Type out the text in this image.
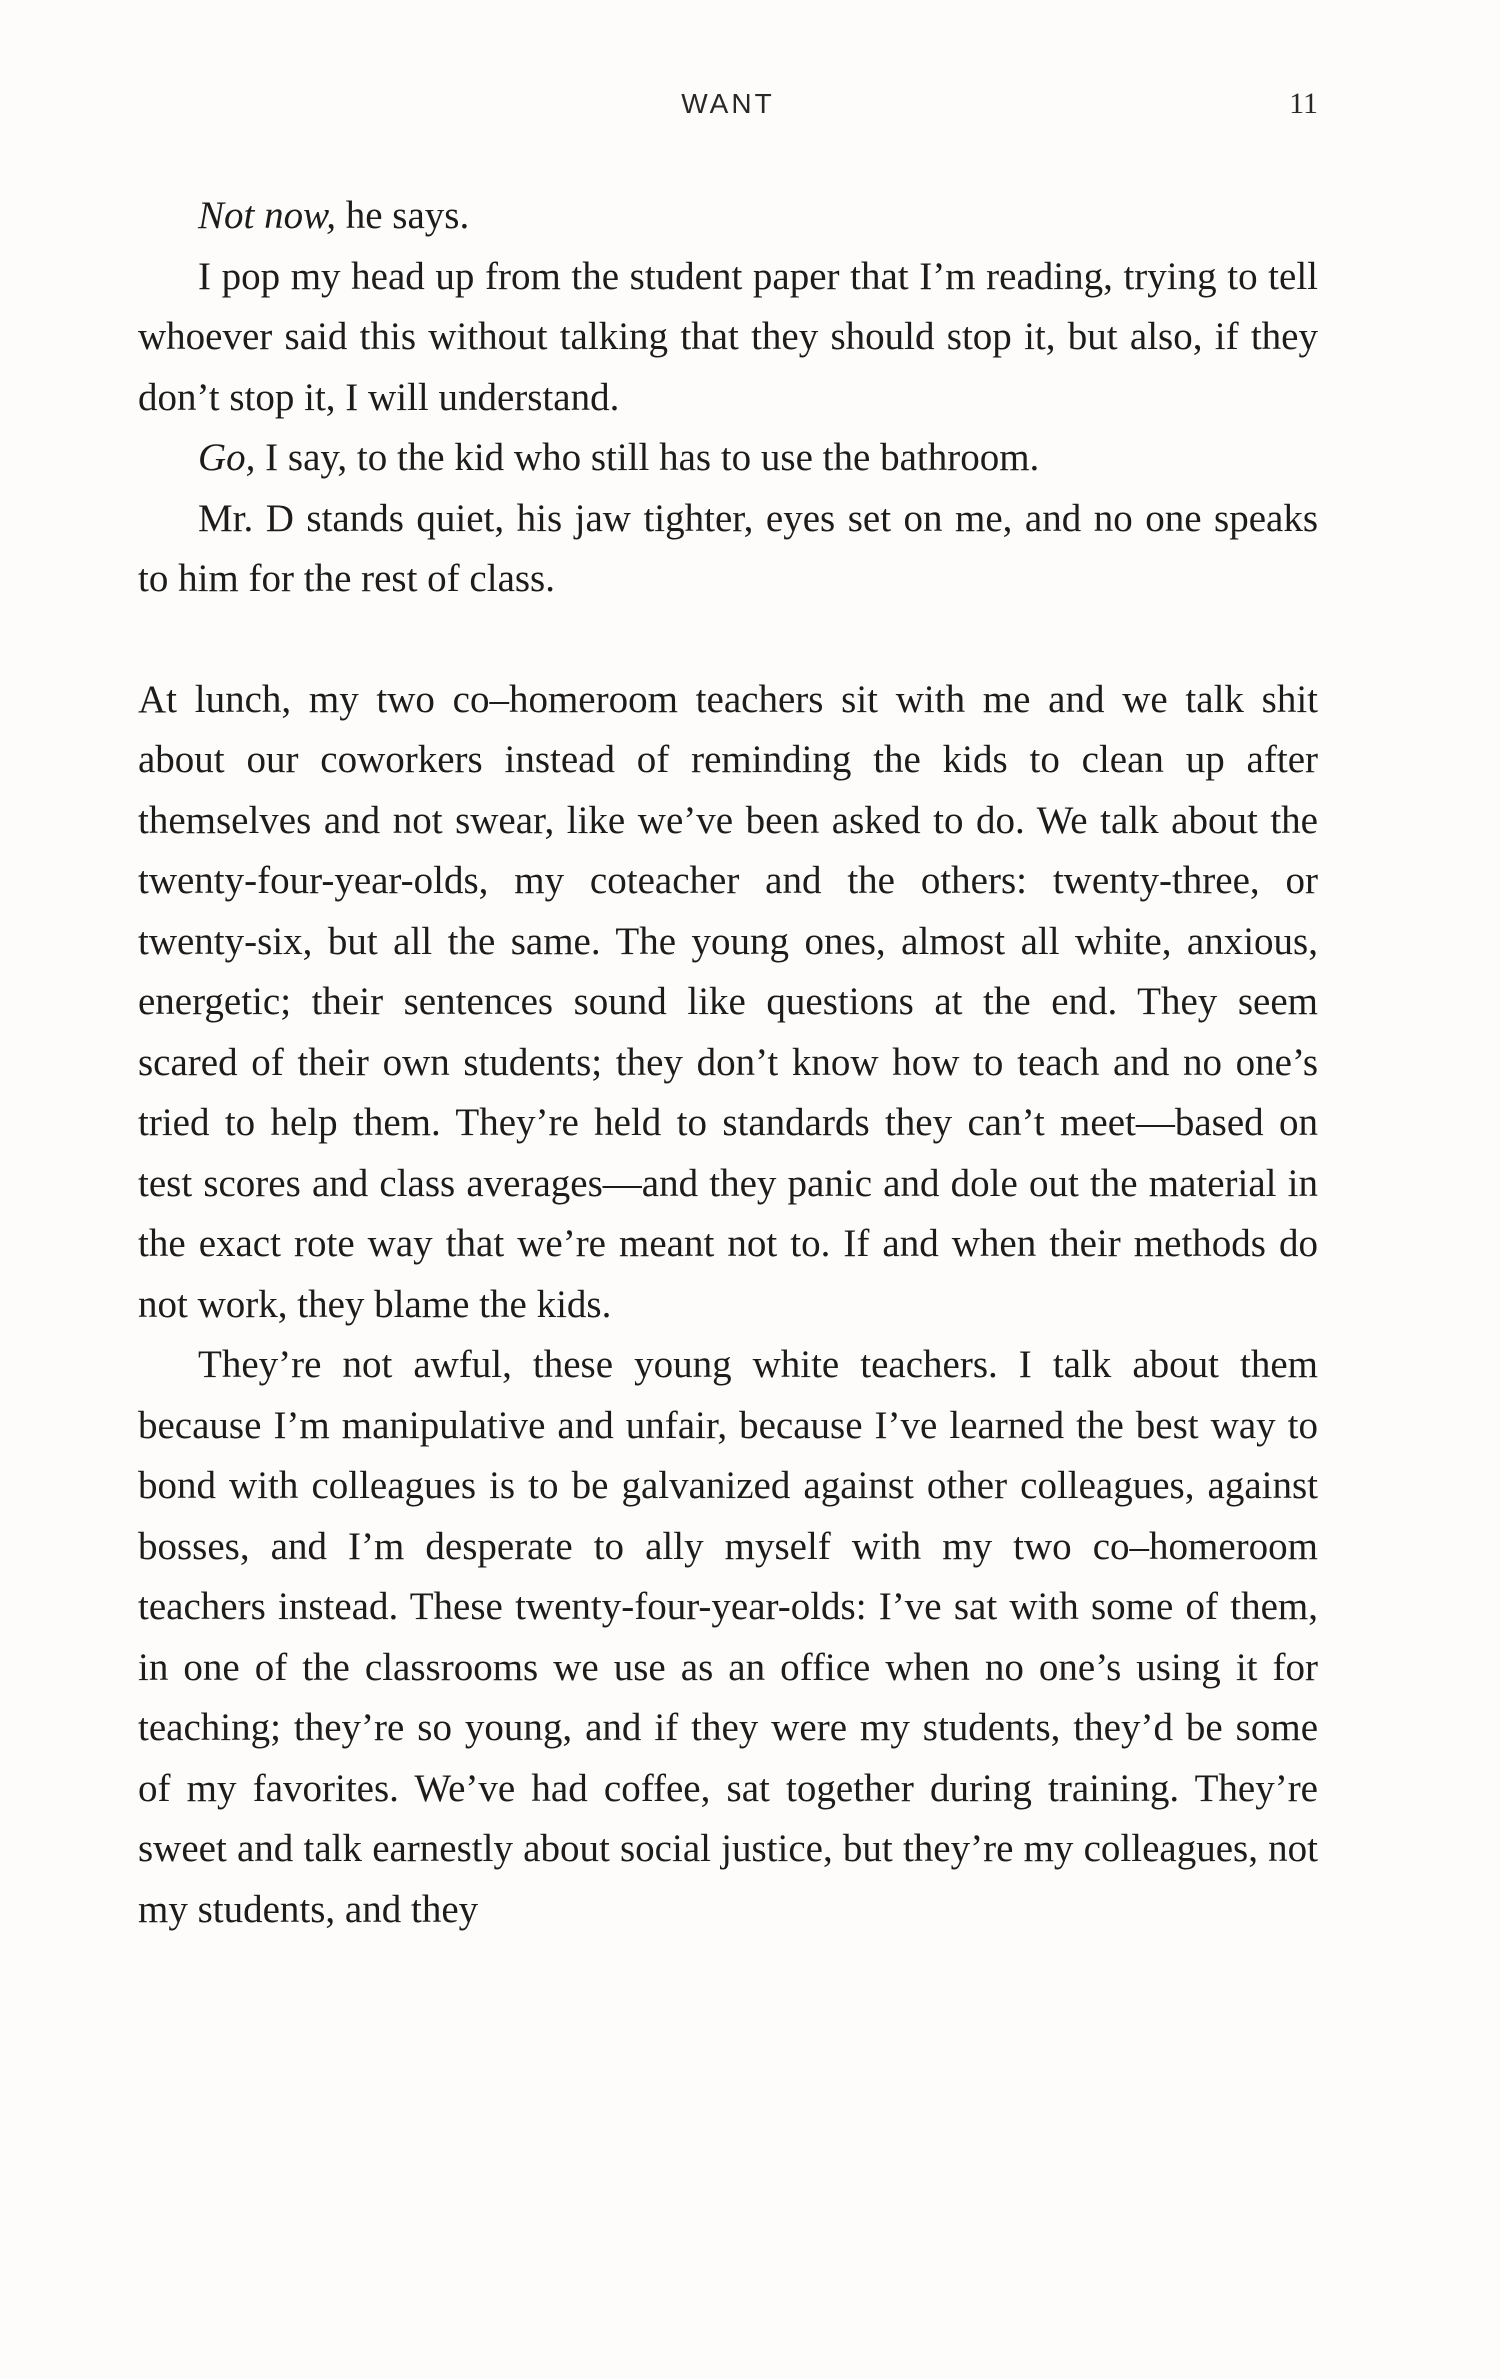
WANT	11

Not now, he says.

I pop my head up from the student paper that I’m reading, trying to tell whoever said this without talking that they should stop it, but also, if they don’t stop it, I will understand.

Go, I say, to the kid who still has to use the bathroom.

Mr. D stands quiet, his jaw tighter, eyes set on me, and no one speaks to him for the rest of class.

At lunch, my two co–homeroom teachers sit with me and we talk shit about our coworkers instead of reminding the kids to clean up after themselves and not swear, like we’ve been asked to do. We talk about the twenty-four-year-olds, my coteacher and the others: twenty-three, or twenty-six, but all the same. The young ones, almost all white, anxious, energetic; their sentences sound like questions at the end. They seem scared of their own students; they don’t know how to teach and no one’s tried to help them. They’re held to standards they can’t meet—based on test scores and class averages—and they panic and dole out the material in the exact rote way that we’re meant not to. If and when their methods do not work, they blame the kids.

They’re not awful, these young white teachers. I talk about them because I’m manipulative and unfair, because I’ve learned the best way to bond with colleagues is to be galvanized against other colleagues, against bosses, and I’m desperate to ally myself with my two co–homeroom teachers instead. These twenty-four-year-olds: I’ve sat with some of them, in one of the classrooms we use as an office when no one’s using it for teaching; they’re so young, and if they were my students, they’d be some of my favorites. We’ve had coffee, sat together during training. They’re sweet and talk earnestly about social justice, but they’re my colleagues, not my students, and they
